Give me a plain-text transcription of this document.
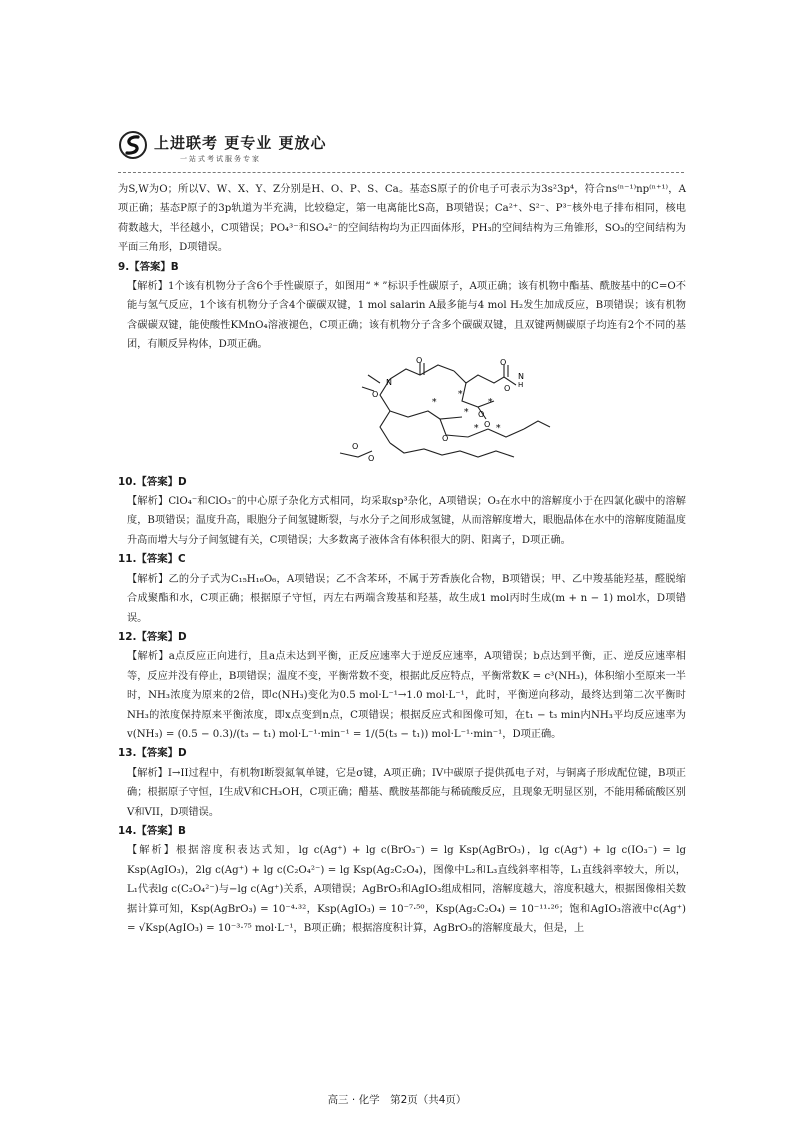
上进联考 更专业 更放心
一站式考试服务专家

为S,W为O；所以V、W、X、Y、Z分别是H、O、P、S、Ca。基态S原子的价电子可表示为3s²3p⁴，符合ns⁽ⁿ⁻¹⁾np⁽ⁿ⁺¹⁾，A项正确；基态P原子的3p轨道为半充满，比较稳定，第一电离能比S高，B项错误；Ca²⁺、S²⁻、P³⁻核外电子排布相同，核电荷数越大，半径越小，C项错误；PO₄³⁻和SO₄²⁻的空间结构均为正四面体形，PH₃的空间结构为三角锥形，SO₃的空间结构为平面三角形，D项错误。

9.【答案】B

【解析】1个该有机物分子含6个手性碳原子，如图用“ * ”标识手性碳原子，A项正确；该有机物中酯基、酰胺基中的C=O不能与氢气反应，1个该有机物分子含4个碳碳双键，1 mol salarin A最多能与4 mol H₂发生加成反应，B项错误；该有机物含碳碳双键，能使酸性KMnO₄溶液褪色，C项正确；该有机物分子含多个碳碳双键，且双键两侧碳原子均连有2个不同的基团，有顺反异构体，D项正确。

O
O
O
N	H
N
O
O
O
O
O
O
*
*
*
*
* *

10.【答案】D

【解析】ClO₄⁻和ClO₃⁻的中心原子杂化方式相同，均采取sp³杂化，A项错误；O₃在水中的溶解度小于在四氯化碳中的溶解度，B项错误；温度升高，眼胞分子间氢键断裂，与水分子之间形成氢键，从而溶解度增大，眼胞晶体在水中的溶解度随温度升高而增大与分子间氢键有关，C项错误；大多数离子液体含有体积很大的阴、阳离子，D项正确。

11.【答案】C

【解析】乙的分子式为C₁₅H₁₆O₆，A项错误；乙不含苯环，不属于芳香族化合物，B项错误；甲、乙中羧基能羟基，醛脱缩合成聚酯和水，C项正确；根据原子守恒，丙左右两端含羧基和羟基，故生成1 mol丙时生成(m + n − 1) mol水，D项错误。

12.【答案】D

【解析】a点反应正向进行，且a点未达到平衡，正反应速率大于逆反应速率，A项错误；b点达到平衡，正、逆反应速率相等，反应并没有停止，B项错误；温度不变，平衡常数不变，根据此反应特点，平衡常数K = c³(NH₃)，体积缩小至原来一半时，NH₃浓度为原来的2倍，即c(NH₃)变化为0.5 mol·L⁻¹→1.0 mol·L⁻¹，此时，平衡逆向移动，最终达到第二次平衡时NH₃的浓度保持原来平衡浓度，即x点变到n点，C项错误；根据反应式和图像可知，在t₁ − t₃ min内NH₃平均反应速率为v(NH₃) = (0.5 − 0.3)/(t₃ − t₁) mol·L⁻¹·min⁻¹ = 1/(5(t₃ − t₁)) mol·L⁻¹·min⁻¹，D项正确。

13.【答案】D

【解析】I→II过程中，有机物I断裂氮氧单键，它是σ键，A项正确；IV中碳原子提供孤电子对，与铜离子形成配位键，B项正确；根据原子守恒，I生成V和CH₃OH，C项正确；醋基、酰胺基都能与稀硫酸反应，且现象无明显区别，不能用稀硫酸区别V和VII，D项错误。

14.【答案】B

【解析】根据溶度积表达式知，lg c(Ag⁺) + lg c(BrO₃⁻) = lg Ksp(AgBrO₃)，lg c(Ag⁺) + lg c(IO₃⁻) = lg Ksp(AgIO₃)，2lg c(Ag⁺) + lg c(C₂O₄²⁻) = lg Ksp(Ag₂C₂O₄)，图像中L₂和L₃直线斜率相等，L₁直线斜率较大，所以，L₁代表lg c(C₂O₄²⁻)与−lg c(Ag⁺)关系，A项错误；AgBrO₃和AgIO₃组成相同，溶解度越大，溶度积越大，根据图像相关数据计算可知，Ksp(AgBrO₃) = 10⁻⁴·³²，Ksp(AgIO₃) = 10⁻⁷·⁵⁰，Ksp(Ag₂C₂O₄) = 10⁻¹¹·²⁶；饱和AgIO₃溶液中c(Ag⁺) = √Ksp(AgIO₃) = 10⁻³·⁷⁵ mol·L⁻¹，B项正确；根据溶度积计算，AgBrO₃的溶解度最大，但是，上

高三 · 化学　第2页（共4页）
